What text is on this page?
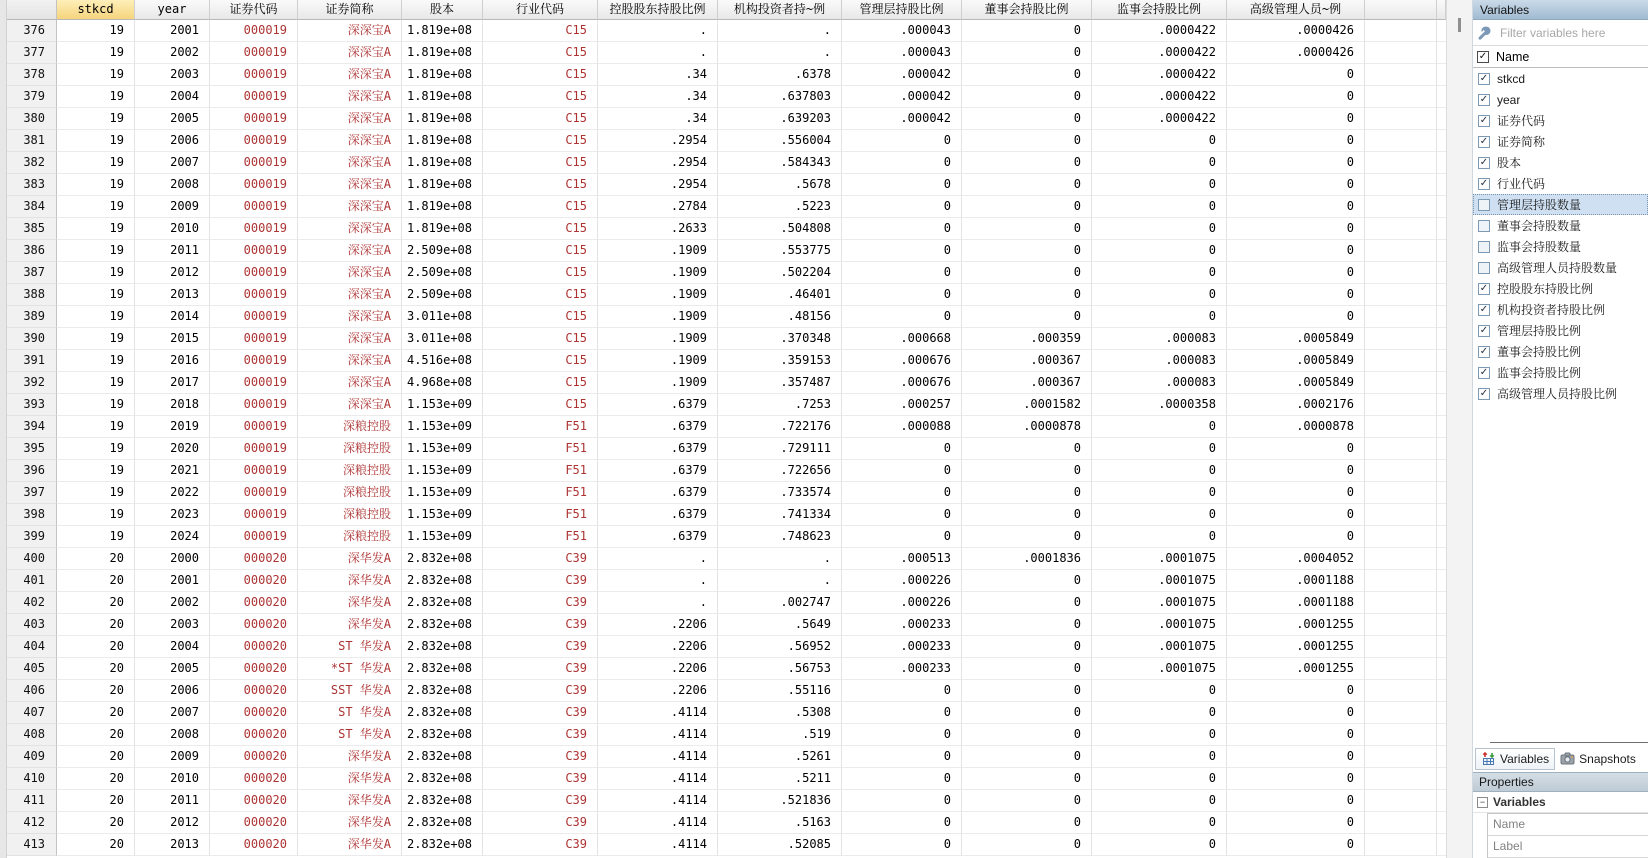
stkcd	year	证券代码	证券简称	股本	行业代码	控股股东持股比例	机构投资者持~例	管理层持股比例	董事会持股比例	监事会持股比例	高级管理人员~例
376	19	2001	000019	深深宝A	1.819e+08	C15	.	.	.000043	0	.0000422	.0000426
377	19	2002	000019	深深宝A	1.819e+08	C15	.	.	.000043	0	.0000422	.0000426
378	19	2003	000019	深深宝A	1.819e+08	C15	.34	.6378	.000042	0	.0000422	0
379	19	2004	000019	深深宝A	1.819e+08	C15	.34	.637803	.000042	0	.0000422	0
380	19	2005	000019	深深宝A	1.819e+08	C15	.34	.639203	.000042	0	.0000422	0
381	19	2006	000019	深深宝A	1.819e+08	C15	.2954	.556004	0	0	0	0
382	19	2007	000019	深深宝A	1.819e+08	C15	.2954	.584343	0	0	0	0
383	19	2008	000019	深深宝A	1.819e+08	C15	.2954	.5678	0	0	0	0
384	19	2009	000019	深深宝A	1.819e+08	C15	.2784	.5223	0	0	0	0
385	19	2010	000019	深深宝A	1.819e+08	C15	.2633	.504808	0	0	0	0
386	19	2011	000019	深深宝A	2.509e+08	C15	.1909	.553775	0	0	0	0
387	19	2012	000019	深深宝A	2.509e+08	C15	.1909	.502204	0	0	0	0
388	19	2013	000019	深深宝A	2.509e+08	C15	.1909	.46401	0	0	0	0
389	19	2014	000019	深深宝A	3.011e+08	C15	.1909	.48156	0	0	0	0
390	19	2015	000019	深深宝A	3.011e+08	C15	.1909	.370348	.000668	.000359	.000083	.0005849
391	19	2016	000019	深深宝A	4.516e+08	C15	.1909	.359153	.000676	.000367	.000083	.0005849
392	19	2017	000019	深深宝A	4.968e+08	C15	.1909	.357487	.000676	.000367	.000083	.0005849
393	19	2018	000019	深深宝A	1.153e+09	C15	.6379	.7253	.000257	.0001582	.0000358	.0002176
394	19	2019	000019	深粮控股	1.153e+09	F51	.6379	.722176	.000088	.0000878	0	.0000878
395	19	2020	000019	深粮控股	1.153e+09	F51	.6379	.729111	0	0	0	0
396	19	2021	000019	深粮控股	1.153e+09	F51	.6379	.722656	0	0	0	0
397	19	2022	000019	深粮控股	1.153e+09	F51	.6379	.733574	0	0	0	0
398	19	2023	000019	深粮控股	1.153e+09	F51	.6379	.741334	0	0	0	0
399	19	2024	000019	深粮控股	1.153e+09	F51	.6379	.748623	0	0	0	0
400	20	2000	000020	深华发A	2.832e+08	C39	.	.	.000513	.0001836	.0001075	.0004052
401	20	2001	000020	深华发A	2.832e+08	C39	.	.	.000226	0	.0001075	.0001188
402	20	2002	000020	深华发A	2.832e+08	C39	.	.002747	.000226	0	.0001075	.0001188
403	20	2003	000020	深华发A	2.832e+08	C39	.2206	.5649	.000233	0	.0001075	.0001255
404	20	2004	000020	ST 华发A	2.832e+08	C39	.2206	.56952	.000233	0	.0001075	.0001255
405	20	2005	000020	*ST 华发A	2.832e+08	C39	.2206	.56753	.000233	0	.0001075	.0001255
406	20	2006	000020	SST 华发A	2.832e+08	C39	.2206	.55116	0	0	0	0
407	20	2007	000020	ST 华发A	2.832e+08	C39	.4114	.5308	0	0	0	0
408	20	2008	000020	ST 华发A	2.832e+08	C39	.4114	.519	0	0	0	0
409	20	2009	000020	深华发A	2.832e+08	C39	.4114	.5261	0	0	0	0
410	20	2010	000020	深华发A	2.832e+08	C39	.4114	.5211	0	0	0	0
411	20	2011	000020	深华发A	2.832e+08	C39	.4114	.521836	0	0	0	0
412	20	2012	000020	深华发A	2.832e+08	C39	.4114	.5163	0	0	0	0
413	20	2013	000020	深华发A	2.832e+08	C39	.4114	.52085	0	0	0	0
Variables
Filter variables here
✓ Name
✓ stkcd
✓ year
✓ 证券代码
✓ 证券简称
✓ 股本
✓ 行业代码
管理层持股数量
董事会持股数量
监事会持股数量
高级管理人员持股数量
✓ 控股股东持股比例
✓ 机构投资者持股比例
✓ 管理层持股比例
✓ 董事会持股比例
✓ 监事会持股比例
✓ 高级管理人员持股比例
Variables	Snapshots
Properties
− Variables
Name
Label
